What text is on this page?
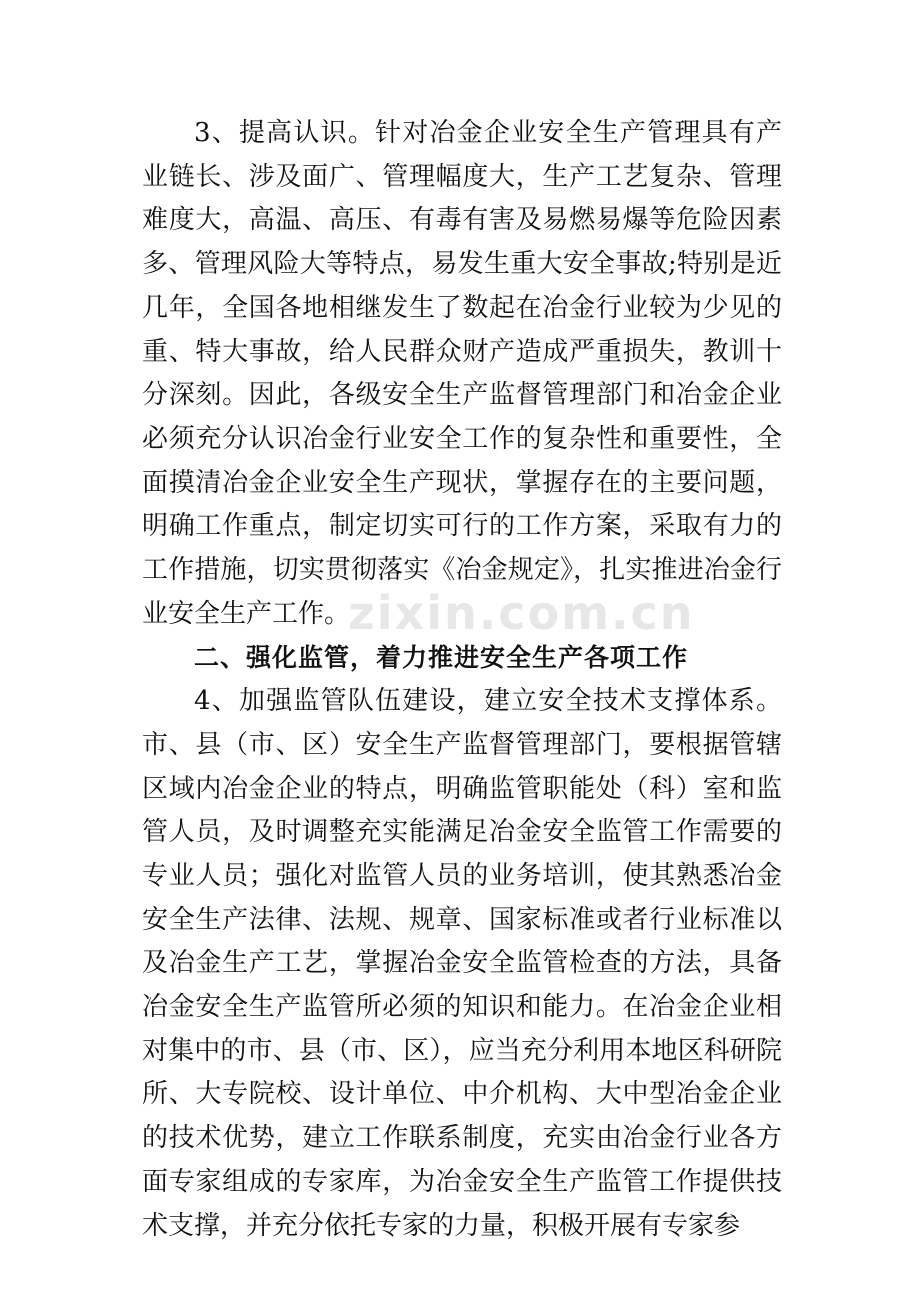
3、提高认识。针对冶金企业安全生产管理具有产业链长、涉及面广、管理幅度大，生产工艺复杂、管理难度大，高温、高压、有毒有害及易燃易爆等危险因素多、管理风险大等特点，易发生重大安全事故;特别是近几年，全国各地相继发生了数起在冶金行业较为少见的重、特大事故，给人民群众财产造成严重损失，教训十分深刻。因此，各级安全生产监督管理部门和冶金企业必须充分认识冶金行业安全工作的复杂性和重要性，全面摸清冶金企业安全生产现状，掌握存在的主要问题，明确工作重点，制定切实可行的工作方案，采取有力的工作措施，切实贯彻落实《冶金规定》，扎实推进冶金行业安全生产工作。

二、强化监管，着力推进安全生产各项工作

4、加强监管队伍建设，建立安全技术支撑体系。市、县（市、区）安全生产监督管理部门，要根据管辖区域内冶金企业的特点，明确监管职能处（科）室和监管人员，及时调整充实能满足冶金安全监管工作需要的专业人员；强化对监管人员的业务培训，使其熟悉冶金安全生产法律、法规、规章、国家标准或者行业标准以及冶金生产工艺，掌握冶金安全监管检查的方法，具备冶金安全生产监管所必须的知识和能力。在冶金企业相对集中的市、县（市、区），应当充分利用本地区科研院所、大专院校、设计单位、中介机构、大中型冶金企业的技术优势，建立工作联系制度，充实由冶金行业各方面专家组成的专家库，为冶金安全生产监管工作提供技术支撑，并充分依托专家的力量，积极开展有专家参

zixin.com.cn
